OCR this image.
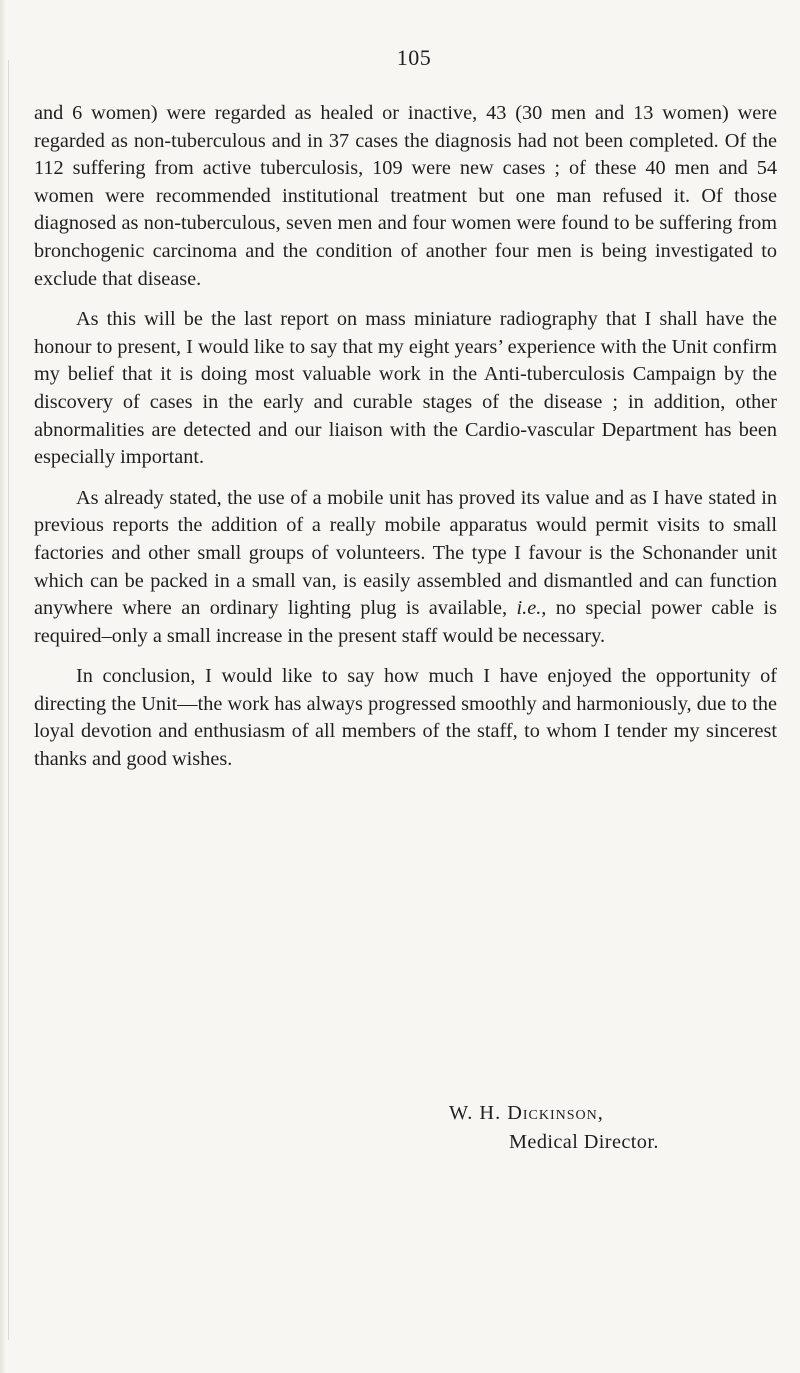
105

and 6 women) were regarded as healed or inactive, 43 (30 men and 13 women) were regarded as non-tuberculous and in 37 cases the diagnosis had not been completed. Of the 112 suffering from active tuberculosis, 109 were new cases ; of these 40 men and 54 women were recommended institutional treatment but one man refused it. Of those diagnosed as non-tuberculous, seven men and four women were found to be suffering from bronchogenic carcinoma and the condition of another four men is being investigated to exclude that disease.

As this will be the last report on mass miniature radiography that I shall have the honour to present, I would like to say that my eight years’ experience with the Unit confirm my belief that it is doing most valuable work in the Anti-tuberculosis Campaign by the discovery of cases in the early and curable stages of the disease ; in addition, other abnormalities are detected and our liaison with the Cardio-vascular Department has been especially important.

As already stated, the use of a mobile unit has proved its value and as I have stated in previous reports the addition of a really mobile apparatus would permit visits to small factories and other small groups of volunteers. The type I favour is the Schonander unit which can be packed in a small van, is easily assembled and dismantled and can function anywhere where an ordinary lighting plug is available, i.e., no special power cable is required–only a small increase in the present staff would be necessary.

In conclusion, I would like to say how much I have enjoyed the opportunity of directing the Unit—the work has always progressed smoothly and harmoniously, due to the loyal devotion and enthusiasm of all members of the staff, to whom I tender my sincerest thanks and good wishes.

W. H. Dickinson,
Medical Director.
